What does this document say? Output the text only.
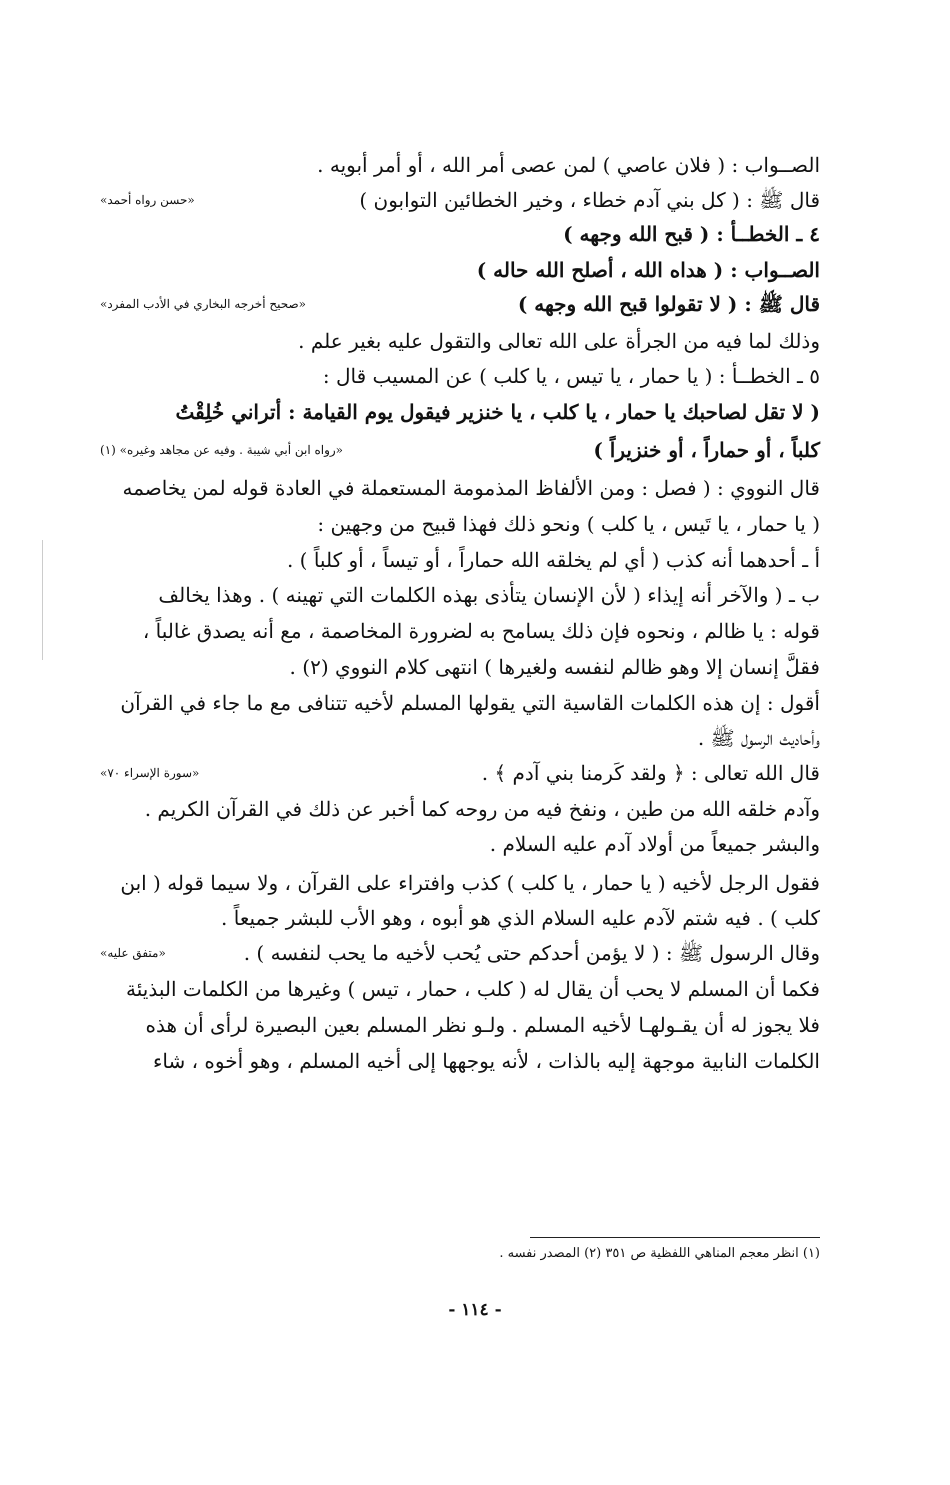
الصــواب : ( فلان عاصي ) لمن عصى أمر الله ، أو أمر أبويه .
قال ﷺ : ( كل بني آدم خطاء ، وخير الخطائين التوابون )
«حسن رواه أحمد»
٤ ـ الخطــأ : ( قبح الله وجهه )
الصــواب : ( هداه الله ، أصلح الله حاله )
قال ﷺ : ( لا تقولوا قبح الله وجهه )
«صحيح أخرجه البخاري في الأدب المفرد»
وذلك لما فيه من الجرأة على الله تعالى والتقول عليه بغير علم .
٥ ـ الخطــأ : ( يا حمار ، يا تيس ، يا كلب ) عن المسيب قال :
( لا تقل لصاحبك يا حمار ، يا كلب ، يا خنزير فيقول يوم القيامة : أتراني خُلِقْتُ
كلباً ، أو حماراً ، أو خنزيراً )
«رواه ابن أبي شيبة . وفيه عن مجاهد وغيره» (١)
قال النووي : ( فصل : ومن الألفاظ المذمومة المستعملة في العادة قوله لمن يخاصمه
( يا حمار ، يا تَيس ، يا كلب ) ونحو ذلك فهذا قبيح من وجهين :
أ ـ أحدهما أنه كذب ( أي لم يخلقه الله حماراً ، أو تيساً ، أو كلباً ) .
ب ـ ( والآخر أنه إيذاء ( لأن الإنسان يتأذى بهذه الكلمات التي تهينه ) . وهذا يخالف
قوله : يا ظالم ، ونحوه فإن ذلك يسامح به لضرورة المخاصمة ، مع أنه يصدق غالباً ،
فقلَّ إنسان إلا وهو ظالم لنفسه ولغيرها ) انتهى كلام النووي (٢) .
أقول : إن هذه الكلمات القاسية التي يقولها المسلم لأخيه تتنافى مع ما جاء في القرآن
وأحاديث الرسول ﷺ .
قال الله تعالى : ﴿ ولقد كَرمنا بني آدم ﴾ .
«سورة الإسراء ٧٠»
وآدم خلقه الله من طين ، ونفخ فيه من روحه كما أخبر عن ذلك في القرآن الكريم .
والبشر جميعاً من أولاد آدم عليه السلام .
فقول الرجل لأخيه ( يا حمار ، يا كلب ) كذب وافتراء على القرآن ، ولا سيما قوله ( ابن
كلب ) . فيه شتم لآدم عليه السلام الذي هو أبوه ، وهو الأب للبشر جميعاً .
وقال الرسول ﷺ : ( لا يؤمن أحدكم حتى يُحب لأخيه ما يحب لنفسه ) .
«متفق عليه»
فكما أن المسلم لا يحب أن يقال له ( كلب ، حمار ، تيس ) وغيرها من الكلمات البذيئة
فلا يجوز له أن يقـولهـا لأخيه المسلم . ولـو نظر المسلم بعين البصيرة لرأى أن هذه
الكلمات النابية موجهة إليه بالذات ، لأنه يوجهها إلى أخيه المسلم ، وهو أخوه ، شاء
(١) انظر معجم المناهي اللفظية ص ٣٥١ (٢) المصدر نفسه .
- ١١٤ -
